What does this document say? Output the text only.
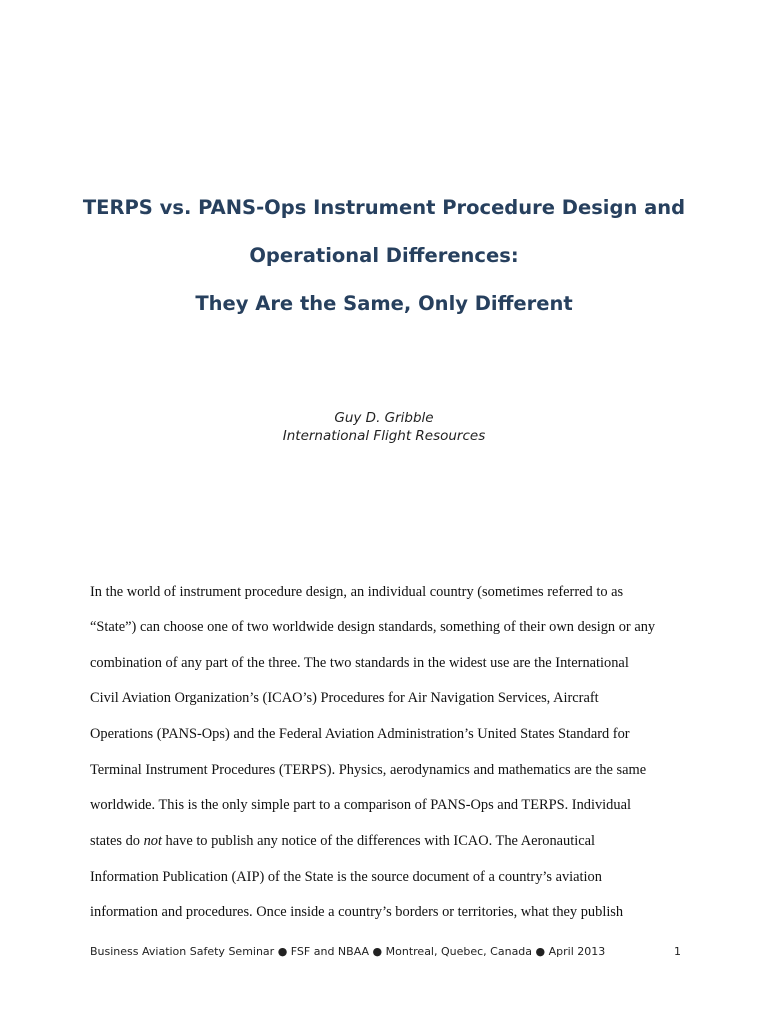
TERPS vs. PANS-Ops Instrument Procedure Design and
Operational Differences:
They Are the Same, Only Different
Guy D. Gribble
International Flight Resources
In the world of instrument procedure design, an individual country (sometimes referred to as
“State”) can choose one of two worldwide design standards, something of their own design or any
combination of any part of the three. The two standards in the widest use are the International
Civil Aviation Organization’s (ICAO’s) Procedures for Air Navigation Services, Aircraft
Operations (PANS-Ops) and the Federal Aviation Administration’s United States Standard for
Terminal Instrument Procedures (TERPS). Physics, aerodynamics and mathematics are the same
worldwide. This is the only simple part to a comparison of PANS-Ops and TERPS. Individual
states do not have to publish any notice of the differences with ICAO. The Aeronautical
Information Publication (AIP) of the State is the source document of a country’s aviation
information and procedures. Once inside a country’s borders or territories, what they publish
Business Aviation Safety Seminar ● FSF and NBAA ● Montreal, Quebec, Canada ● April 2013	1
